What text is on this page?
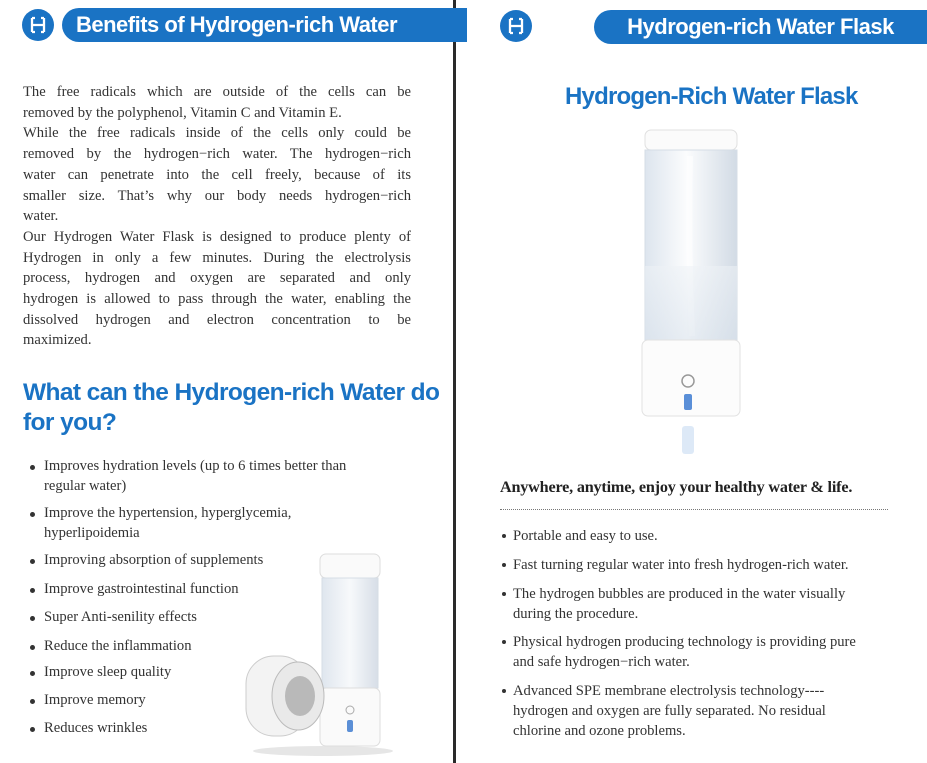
Benefits of Hydrogen-rich Water
The free radicals which are outside of the cells can be
removed by the polyphenol, Vitamin C and Vitamin E.
While the free radicals inside of the cells only could be
removed by the hydrogen−rich water. The hydrogen−rich
water can penetrate into the cell freely, because of its
smaller size. That’s why our body needs hydrogen−rich
water.
Our Hydrogen Water Flask is designed to produce plenty of
Hydrogen in only a few minutes. During the electrolysis
process, hydrogen and oxygen are separated and only
hydrogen is allowed to pass through the water, enabling the
dissolved hydrogen and electron concentration to be
maximized.
What can the Hydrogen-rich Water do
for you?
Improves hydration levels (up to 6 times better than
regular water)
Improve the hypertension, hyperglycemia,
hyperlipoidemia
Improving absorption of supplements
Improve gastrointestinal function
Super Anti-senility effects
Reduce the inflammation
Improve sleep quality
Improve memory
Reduces wrinkles
Hydrogen-rich Water Flask
Hydrogen-Rich Water Flask
Anywhere, anytime, enjoy your healthy water & life.
Portable and easy to use.
Fast turning regular water into fresh hydrogen-rich water.
The hydrogen bubbles are produced in the water visually
during the procedure.
Physical hydrogen producing technology is providing pure
and safe hydrogen−rich water.
Advanced SPE membrane electrolysis technology----
hydrogen and oxygen are fully separated. No residual
chlorine and ozone problems.
